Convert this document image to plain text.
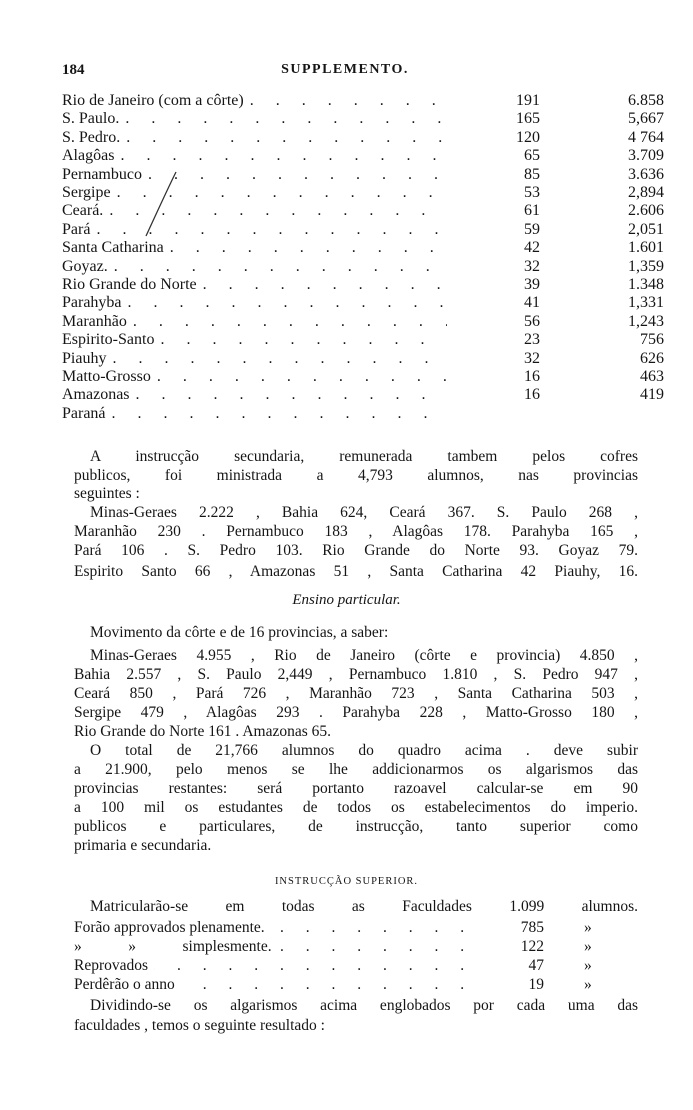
184	SUPPLEMENTO.
Rio de Janeiro (com a côrte) . . .	191	6.858
S. Paulo. . . .	165	5,667
S. Pedro. . . .	120	4 764
Alagôas . . .	65	3.709
Pernambuco . . .	85	3.636
Sergipe . . .	53	2,894
Ceará. . . .	61	2.606
Pará . . .	59	2,051
Santa Catharina . . .	42	1.601
Goyaz. . . .	32	1,359
Rio Grande do Norte . . .	39	1.348
Parahyba . . .	41	1,331
Maranhão . . .	56	1,243
Espirito-Santo . . .	23	756
Piauhy . . .	32	626
Matto-Grosso . . .	16	463
Amazonas . . .	16	419
Paraná
. . .
A instrucção secundaria, remunerada tambem pelos cofres
publicos, foi ministrada a 4,793 alumnos, nas provincias
seguintes :
Minas-Geraes 2.222 , Bahia 624, Ceará 367. S. Paulo 268 ,
Maranhão 230 . Pernambuco 183 , Alagôas 178. Parahyba 165 ,
Pará 106 . S. Pedro 103. Rio Grande do Norte 93. Goyaz 79.
Espirito Santo 66 , Amazonas 51 , Santa Catharina 42 Piauhy, 16.
Ensino particular.
Movimento da côrte e de 16 provincias, a saber:
Minas-Geraes 4.955 , Rio de Janeiro (côrte e provincia) 4.850 ,
Bahia 2.557 , S. Paulo 2,449 , Pernambuco 1.810 , S. Pedro 947 ,
Ceará 850 , Pará 726 , Maranhão 723 , Santa Catharina 503 ,
Sergipe 479 , Alagôas 293 . Parahyba 228 , Matto-Grosso 180 ,
Rio Grande do Norte 161 . Amazonas 65.
O total de 21,766 alumnos do quadro acima . deve subir
a 21.900, pelo menos se lhe addicionarmos os algarismos das
provincias restantes: será portanto razoavel calcular-se em 90
a 100 mil os estudantes de todos os estabelecimentos do imperio.
publicos e particulares, de instrucção, tanto superior como
primaria e secundaria.
INSTRUCÇÃO SUPERIOR.
Matricularão-se em todas as Faculdades 1.099 alumnos.
. . .
Forão approvados plenamente.	785	»
. . .
»            »            simplesmente.	122	»
. . .
Reprovados	47	»
. . .
Perdêrão o anno	19	»
Dividindo-se os algarismos acima englobados por cada uma das
faculdades , temos o seguinte resultado :
